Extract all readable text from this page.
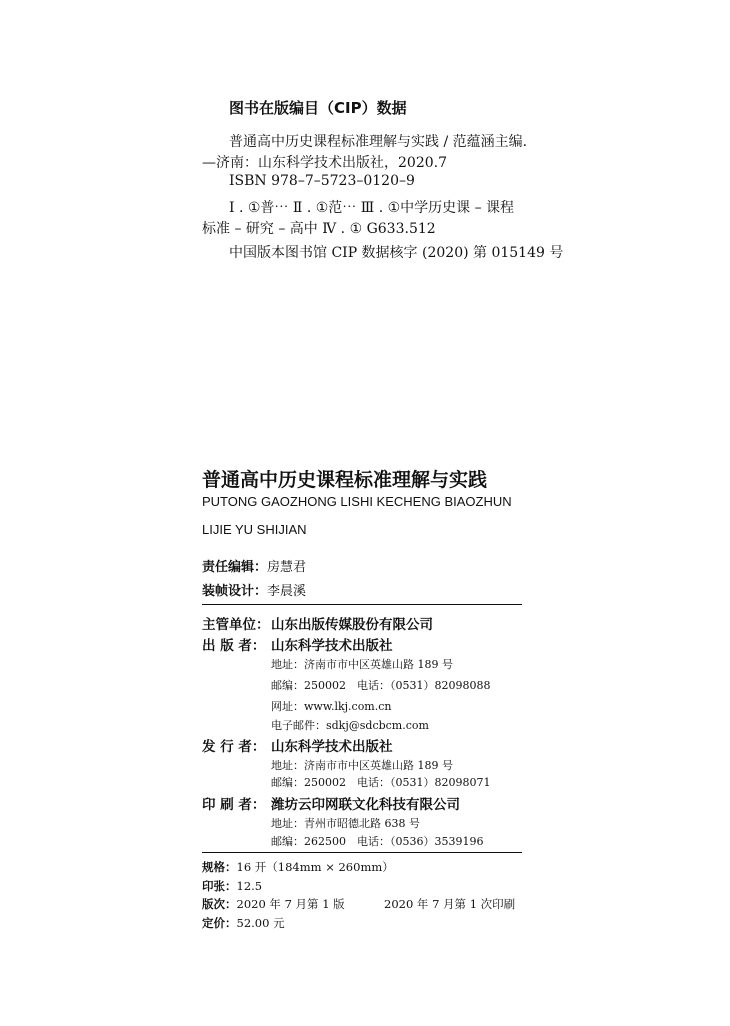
图书在版编目（CIP）数据
普通高中历史课程标准理解与实践 / 范蕴涵主编.
—济南：山东科学技术出版社，2020.7
ISBN 978–7–5723–0120–9
Ⅰ . ①普⋯ Ⅱ . ①范⋯ Ⅲ . ①中学历史课 – 课程
标准 – 研究 – 高中 Ⅳ . ① G633.512
中国版本图书馆 CIP 数据核字 (2020) 第 015149 号
普通高中历史课程标准理解与实践
PUTONG GAOZHONG LISHI KECHENG BIAOZHUN
LIJIE YU SHIJIAN
责任编辑：房慧君
装帧设计：李晨溪
主管单位： 山东出版传媒股份有限公司
出 版 者： 山东科学技术出版社
地址：济南市市中区英雄山路 189 号
邮编：250002　电话：（0531）82098088
网址：www.lkj.com.cn
电子邮件：sdkj@sdcbcm.com
发 行 者： 山东科学技术出版社
地址：济南市市中区英雄山路 189 号
邮编：250002　电话：（0531）82098071
印 刷 者： 潍坊云印网联文化科技有限公司
地址：青州市昭德北路 638 号
邮编：262500　电话：（0536）3539196
规格：16 开（184mm × 260mm）
印张：12.5
版次：2020 年 7 月第 1 版	2020 年 7 月第 1 次印刷
定价：52.00 元
